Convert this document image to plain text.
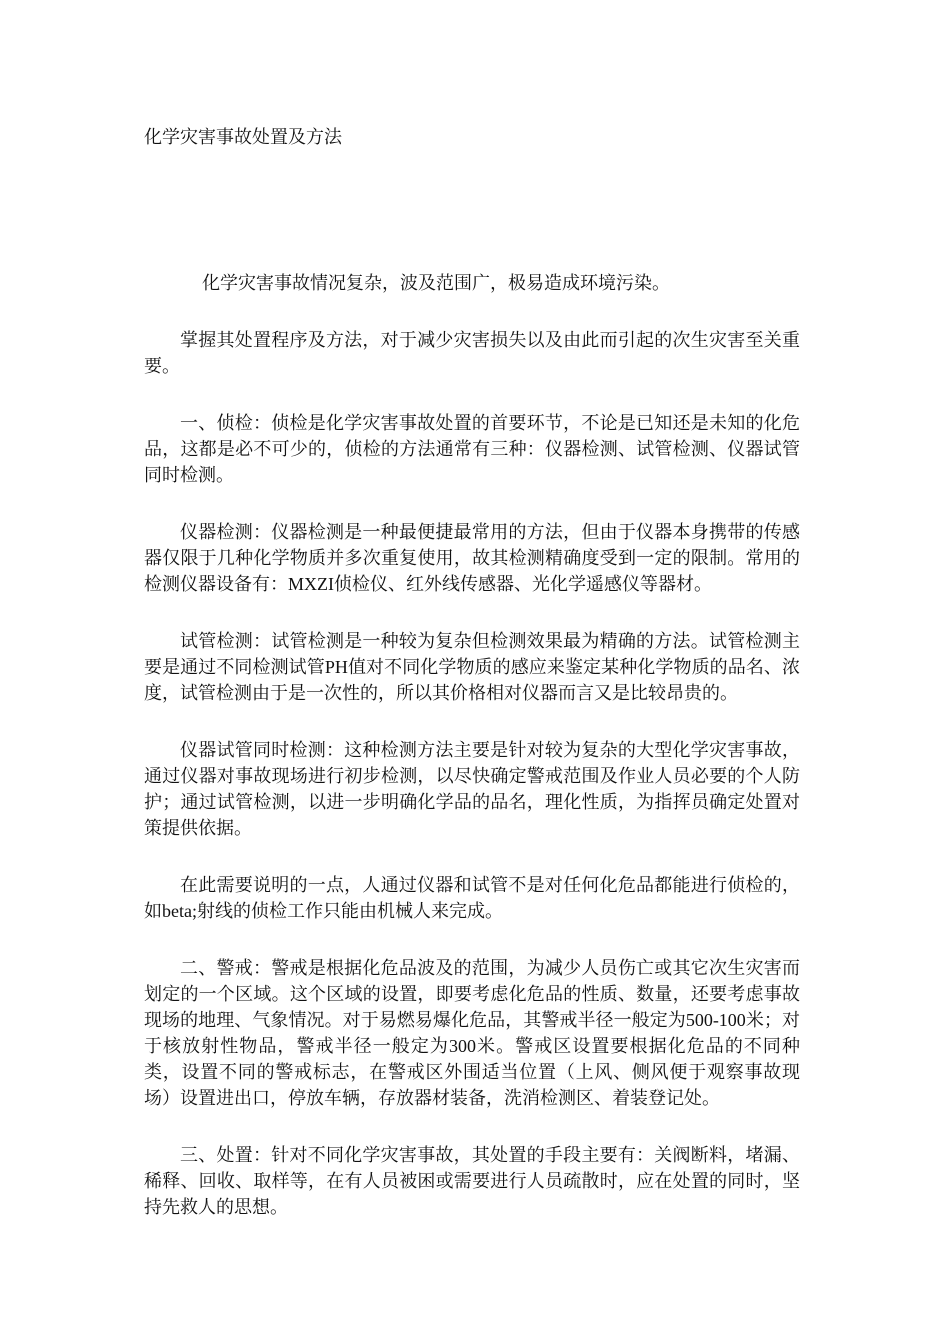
化学灾害事故处置及方法

化学灾害事故情况复杂，波及范围广，极易造成环境污染。

掌握其处置程序及方法，对于减少灾害损失以及由此而引起的次生灾害至关重要。

一、侦检：侦检是化学灾害事故处置的首要环节，不论是已知还是未知的化危品，这都是必不可少的，侦检的方法通常有三种：仪器检测、试管检测、仪器试管同时检测。

仪器检测：仪器检测是一种最便捷最常用的方法，但由于仪器本身携带的传感器仅限于几种化学物质并多次重复使用，故其检测精确度受到一定的限制。常用的检测仪器设备有：MXZI侦检仪、红外线传感器、光化学遥感仪等器材。

试管检测：试管检测是一种较为复杂但检测效果最为精确的方法。试管检测主要是通过不同检测试管PH值对不同化学物质的感应来鉴定某种化学物质的品名、浓度，试管检测由于是一次性的，所以其价格相对仪器而言又是比较昂贵的。

仪器试管同时检测：这种检测方法主要是针对较为复杂的大型化学灾害事故，通过仪器对事故现场进行初步检测，以尽快确定警戒范围及作业人员必要的个人防护；通过试管检测，以进一步明确化学品的品名，理化性质，为指挥员确定处置对策提供依据。

在此需要说明的一点，人通过仪器和试管不是对任何化危品都能进行侦检的，如beta;射线的侦检工作只能由机械人来完成。

二、警戒：警戒是根据化危品波及的范围，为减少人员伤亡或其它次生灾害而划定的一个区域。这个区域的设置，即要考虑化危品的性质、数量，还要考虑事故现场的地理、气象情况。对于易燃易爆化危品，其警戒半径一般定为500-100米；对于核放射性物品，警戒半径一般定为300米。警戒区设置要根据化危品的不同种类，设置不同的警戒标志，在警戒区外围适当位置（上风、侧风便于观察事故现场）设置进出口，停放车辆，存放器材装备，洗消检测区、着装登记处。

三、处置：针对不同化学灾害事故，其处置的手段主要有：关阀断料，堵漏、稀释、回收、取样等，在有人员被困或需要进行人员疏散时，应在处置的同时，坚持先救人的思想。
